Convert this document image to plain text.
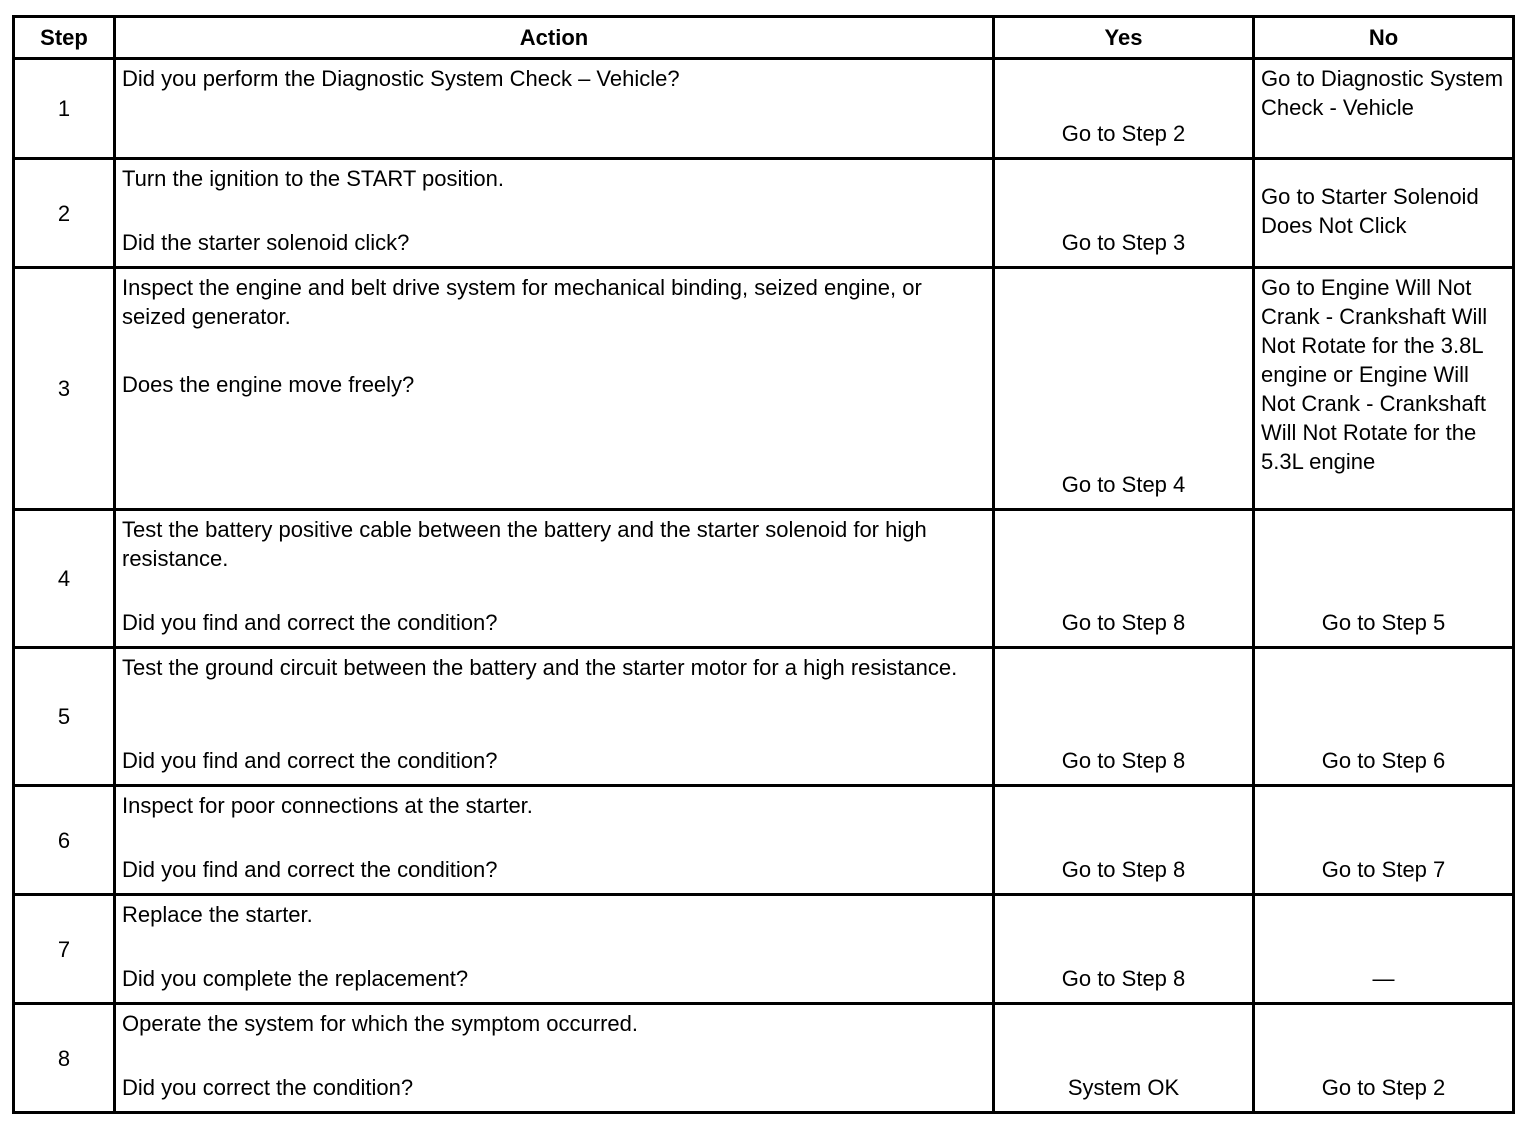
Step	Action	Yes	No
1	Did you perform the Diagnostic System Check – Vehicle?	Go to Step 2	Go to Diagnostic System Check - Vehicle

2	Turn the ignition to the START position.
Did the starter solenoid click?	Go to Step 3	Go to Starter Solenoid Does Not Click

3	Inspect the engine and belt drive system for mechanical binding, seized engine, or seized generator.
Does the engine move freely?	Go to Step 4	Go to Engine Will Not Crank - Crankshaft Will Not Rotate for the 3.8L engine or Engine Will Not Crank - Crankshaft Will Not Rotate for the 5.3L engine

4	Test the battery positive cable between the battery and the starter solenoid for high resistance.
Did you find and correct the condition?	Go to Step 8	Go to Step 5

5	Test the ground circuit between the battery and the starter motor for a high resistance.
Did you find and correct the condition?	Go to Step 8	Go to Step 6

6	Inspect for poor connections at the starter.
Did you find and correct the condition?	Go to Step 8	Go to Step 7

7	Replace the starter.
Did you complete the replacement?	Go to Step 8	—

8	Operate the system for which the symptom occurred.
Did you correct the condition?	System OK	Go to Step 2
